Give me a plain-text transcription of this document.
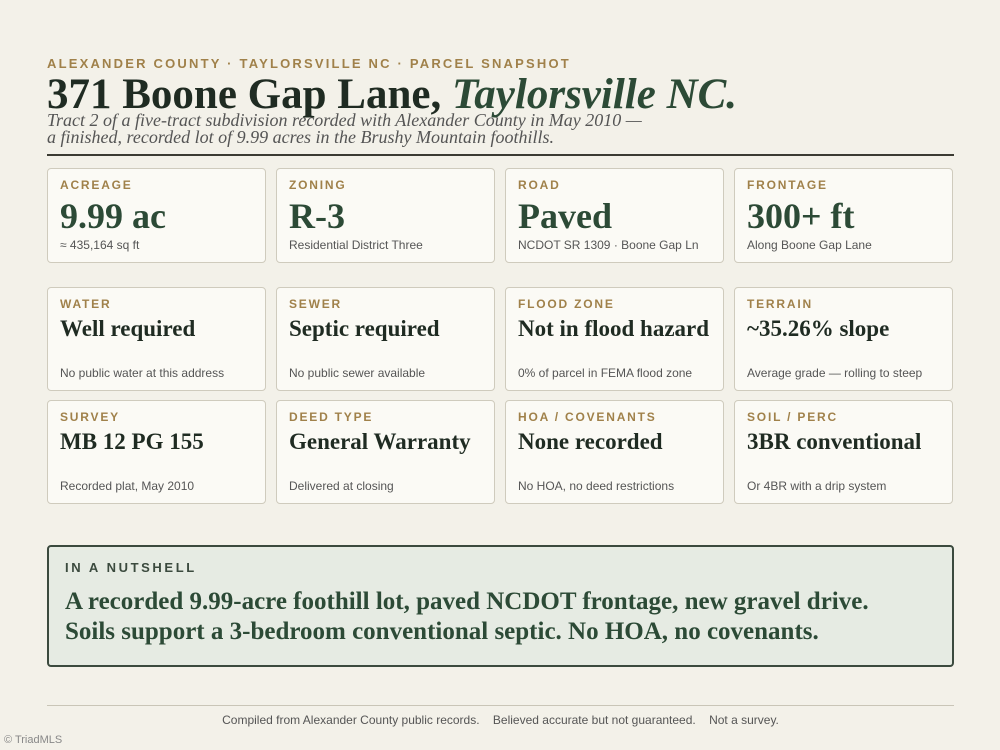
ALEXANDER COUNTY · TAYLORSVILLE NC · PARCEL SNAPSHOT
371 Boone Gap Lane, Taylorsville NC.
Tract 2 of a five-tract subdivision recorded with Alexander County in May 2010 —
a finished, recorded lot of 9.99 acres in the Brushy Mountain foothills.
ACREAGE
9.99 ac
≈ 435,164 sq ft
ZONING
R-3
Residential District Three
ROAD
Paved
NCDOT SR 1309 · Boone Gap Ln
FRONTAGE
300+ ft
Along Boone Gap Lane
WATER
Well required
No public water at this address
SEWER
Septic required
No public sewer available
FLOOD ZONE
Not in flood hazard
0% of parcel in FEMA flood zone
TERRAIN
~35.26% slope
Average grade — rolling to steep
SURVEY
MB 12 PG 155
Recorded plat, May 2010
DEED TYPE
General Warranty
Delivered at closing
HOA / COVENANTS
None recorded
No HOA, no deed restrictions
SOIL / PERC
3BR conventional
Or 4BR with a drip system
IN A NUTSHELL
A recorded 9.99-acre foothill lot, paved NCDOT frontage, new gravel drive.
Soils support a 3-bedroom conventional septic. No HOA, no covenants.
Compiled from Alexander County public records. Believed accurate but not guaranteed. Not a survey.
© TriadMLS
